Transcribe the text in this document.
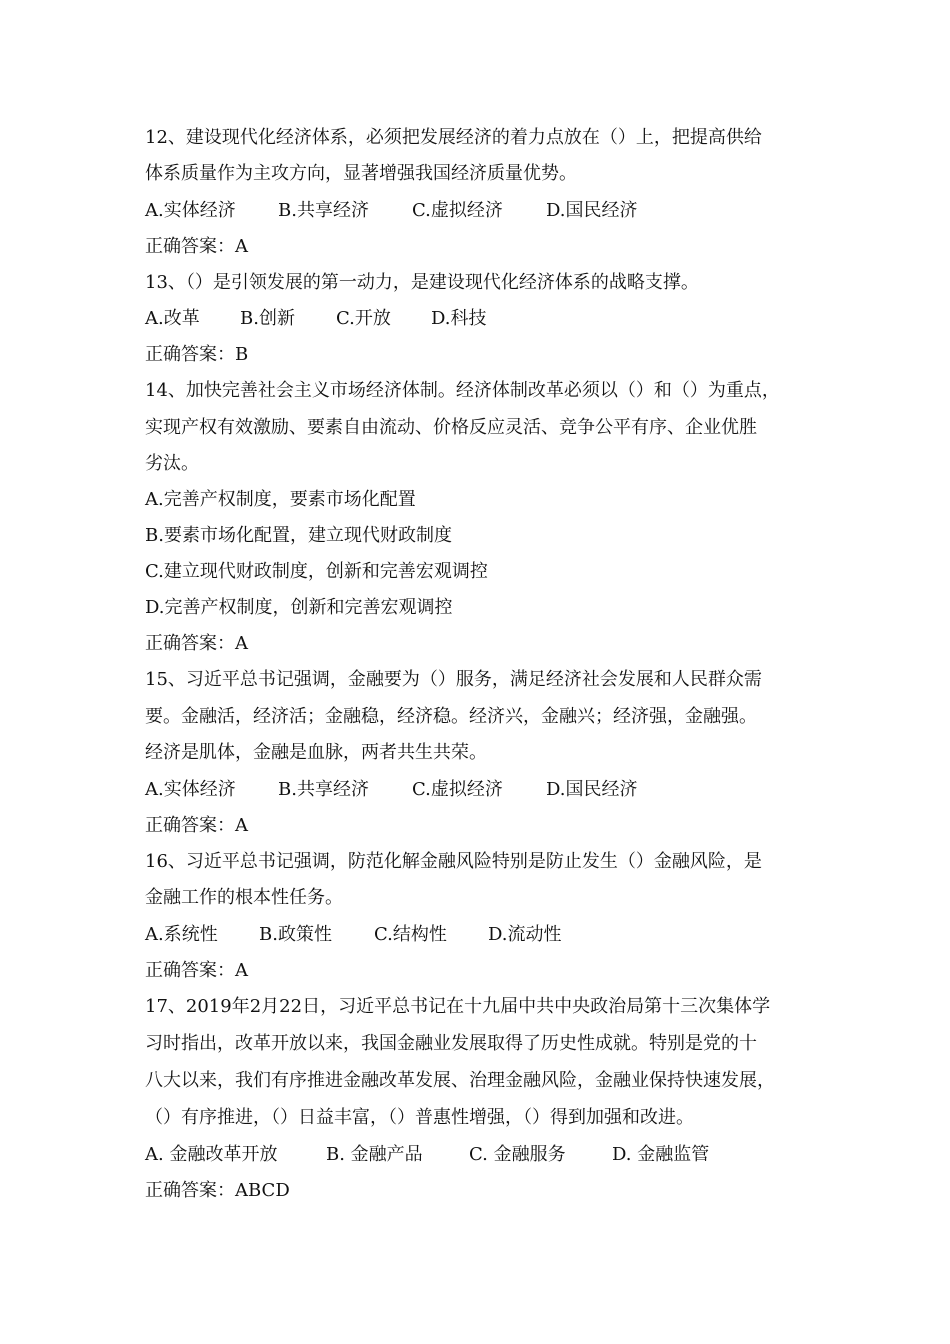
12、建设现代化经济体系，必须把发展经济的着力点放在（）上，把提高供给
体系质量作为主攻方向，显著增强我国经济质量优势。
A.实体经济	B.共享经济	C.虚拟经济	D.国民经济
正确答案：A
13、（）是引领发展的第一动力，是建设现代化经济体系的战略支撑。
A.改革	B.创新	C.开放	D.科技
正确答案：B
14、加快完善社会主义市场经济体制。经济体制改革必须以（）和（）为重点，
实现产权有效激励、要素自由流动、价格反应灵活、竞争公平有序、企业优胜
劣汰。
A.完善产权制度，要素市场化配置
B.要素市场化配置，建立现代财政制度
C.建立现代财政制度，创新和完善宏观调控
D.完善产权制度，创新和完善宏观调控
正确答案：A
15、习近平总书记强调，金融要为（）服务，满足经济社会发展和人民群众需
要。金融活，经济活；金融稳，经济稳。经济兴，金融兴；经济强，金融强。
经济是肌体，金融是血脉，两者共生共荣。
A.实体经济	B.共享经济	C.虚拟经济	D.国民经济
正确答案：A
16、习近平总书记强调，防范化解金融风险特别是防止发生（）金融风险，是
金融工作的根本性任务。
A.系统性	B.政策性	C.结构性	D.流动性
正确答案：A
17、2019年2月22日，习近平总书记在十九届中共中央政治局第十三次集体学
习时指出，改革开放以来，我国金融业发展取得了历史性成就。特别是党的十
八大以来，我们有序推进金融改革发展、治理金融风险，金融业保持快速发展，
（）有序推进，（）日益丰富，（）普惠性增强，（）得到加强和改进。
A. 金融改革开放	B. 金融产品	C. 金融服务	D. 金融监管
正确答案：ABCD
